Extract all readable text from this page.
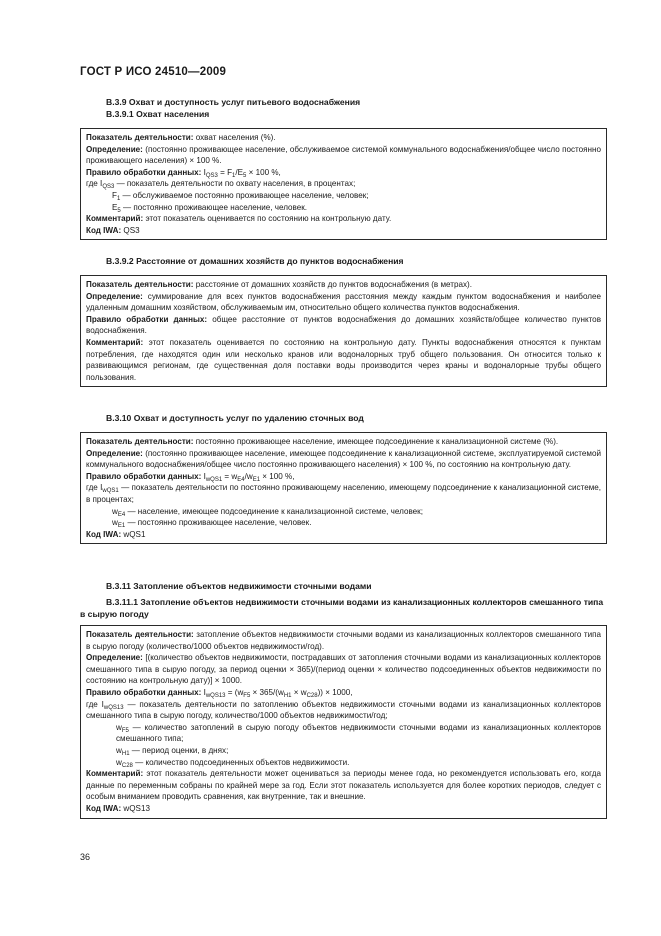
ГОСТ Р ИСО 24510—2009
B.3.9 Охват и доступность услуг питьевого водоснабжения
B.3.9.1 Охват населения

Показатель деятельности: охват населения (%).

Определение: (постоянно проживающее население, обслуживаемое системой коммунального водоснабжения/общее число постоянно проживающего населения) × 100 %.

Правило обработки данных: $I_{QS3} = F_1/E_5 \times 100$ %,

где $I_{QS3}$ — показатель деятельности по охвату населения, в процентах;

$F_1$ — обслуживаемое постоянно проживающее население, человек;

$E_5$ — постоянно проживающее население, человек.

Комментарий: этот показатель оценивается по состоянию на контрольную дату.

Код IWA: QS3

B.3.9.2 Расстояние от домашних хозяйств до пунктов водоснабжения

Показатель деятельности: расстояние от домашних хозяйств до пунктов водоснабжения (в метрах).

Определение: суммирование для всех пунктов водоснабжения расстояния между каждым пунктом водоснабжения и наиболее удаленным домашним хозяйством, обслуживаемым им, относительно общего количества пунктов водоснабжения.

Правило обработки данных: общее расстояние от пунктов водоснабжения до домашних хозяйств/общее количество пунктов водоснабжения.

Комментарий: этот показатель оценивается по состоянию на контрольную дату. Пункты водоснабжения относятся к пунктам потребления, где находятся один или несколько кранов или водоналорных труб общего пользования. Он относится только к развивающимся регионам, где существенная доля поставки воды производится через краны и водоналорные трубы общего пользования.

B.3.10 Охват и доступность услуг по удалению сточных вод

Показатель деятельности: постоянно проживающее население, имеющее подсоединение к канализационной системе (%).

Определение: (постоянно проживающее население, имеющее подсоединение к канализационной системе, эксплуатируемой системой коммунального водоснабжения/общее число постоянно проживающего населения) × 100 %, по состоянию на контрольную дату.

Правило обработки данных: $I_{wQS1} = w_{E4}/w_{E1} \times 100$ %,

где $I_{wQS1}$ — показатель деятельности по постоянно проживающему населению, имеющему подсоединение к канализационной системе, в процентах;

$w_{E4}$ — население, имеющее подсоединение к канализационной системе, человек;

$w_{E1}$ — постоянно проживающее население, человек.

Код IWA: wQS1

B.3.11 Затопление объектов недвижимости сточными водами
B.3.11.1 Затопление объектов недвижимости сточными водами из канализационных коллекторов смешанного типа в сырую погоду

Показатель деятельности: затопление объектов недвижимости сточными водами из канализационных коллекторов смешанного типа в сырую погоду (количество/1000 объектов недвижимости/год).

Определение: [(количество объектов недвижимости, пострадавших от затопления сточными водами из канализационных коллекторов смешанного типа в сырую погоду, за период оценки × 365)/(период оценки × количество подсоединенных объектов недвижимости по состоянию на контрольную дату)] × 1000.

Правило обработки данных: $I_{wQS13} = (w_{F5} \times 365/(w_{H1} \times w_{C28})) \times 1000$,

где $I_{wQS13}$ — показатель деятельности по затоплению объектов недвижимости сточными водами из канализационных коллекторов смешанного типа в сырую погоду, количество/1000 объектов недвижимости/год;

$w_{F5}$ — количество затоплений в сырую погоду объектов недвижимости сточными водами из канализационных коллекторов смешанного типа;

$w_{H1}$ — период оценки, в днях;

$w_{C28}$ — количество подсоединенных объектов недвижимости.

Комментарий: этот показатель деятельности может оцениваться за периоды менее года, но рекомендуется использовать его, когда данные по переменным собраны по крайней мере за год. Если этот показатель используется для более коротких периодов, следует с особым вниманием проводить сравнения, как внутренние, так и внешние.

Код IWA: wQS13

36
